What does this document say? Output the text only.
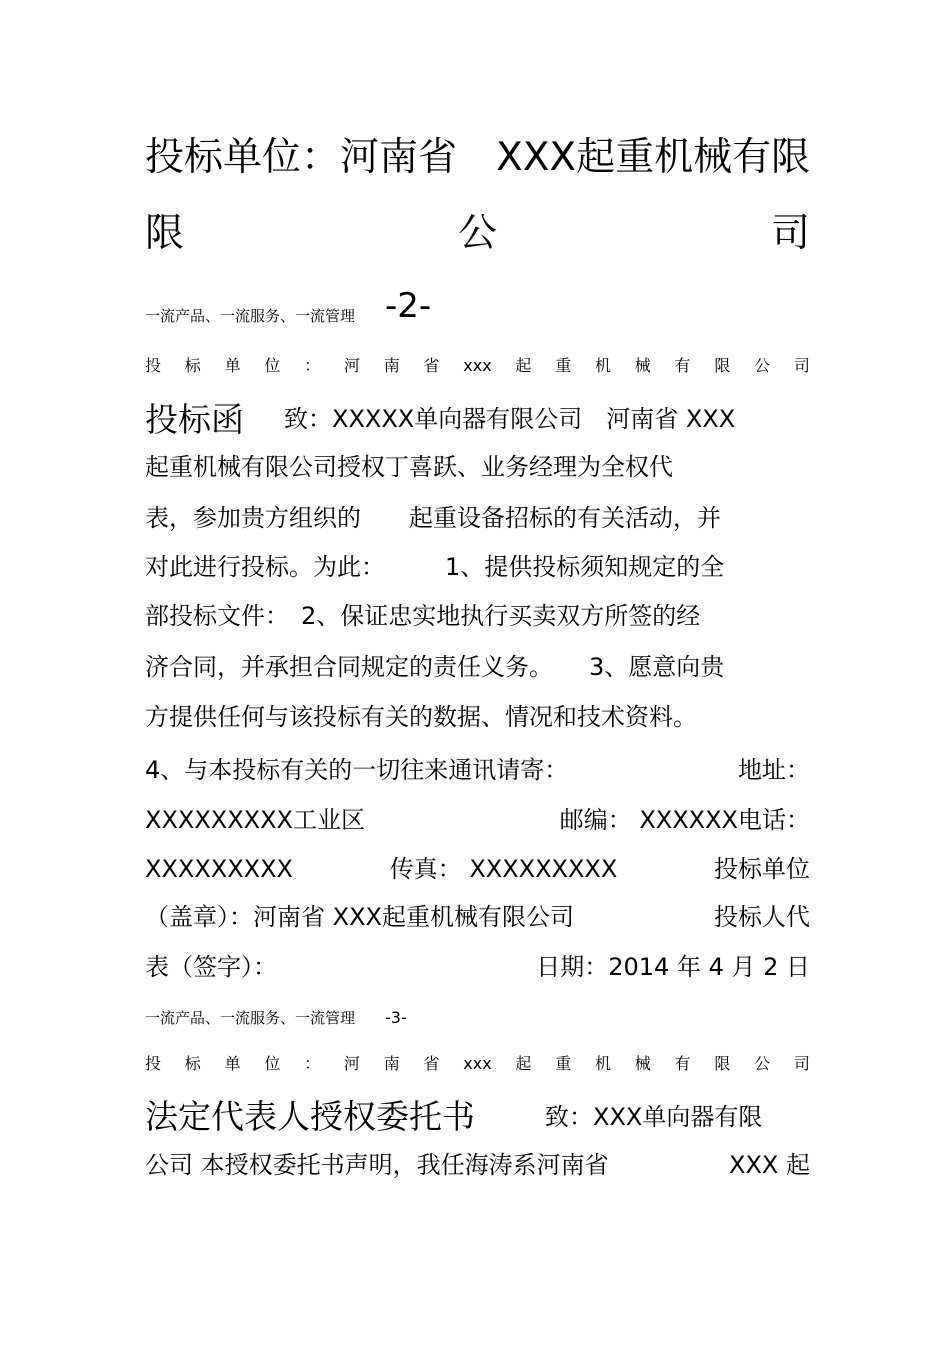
投标单位：河南省　XXX起重机械有限
限	公	司
一流产品、一流服务、一流管理 -2-
投 标 单 位 ： 河 南 省 xxx 起 重 机 械 有 限 公 司
投标函 致：XXXXX单向器有限公司　河南省 XXX
起重机械有限公司授权丁喜跃、业务经理为全权代
表，参加贵方组织的　　起重设备招标的有关活动，并
对此进行投标。为此：　　　1、提供投标须知规定的全
部投标文件：　2、保证忠实地执行买卖双方所签的经
济合同，并承担合同规定的责任义务。　　3、愿意向贵
方提供任何与该投标有关的数据、情况和技术资料。
4、与本投标有关的一切往来通讯请寄：	地址：
XXXXXXXXX工业区	邮编： XXXXXX电话：
XXXXXXXXX	传真： XXXXXXXXX	投标单位
（盖章）：河南省 XXX起重机械有限公司	投标人代
表（签字）：	日期：2014 年 4 月 2 日
一流产品、一流服务、一流管理 -3-
投 标 单 位 ： 河 南 省 xxx 起 重 机 械 有 限 公 司
法定代表人授权委托书	致：XXX单向器有限
公司 本授权委托书声明，我任海涛系河南省	XXX 起
